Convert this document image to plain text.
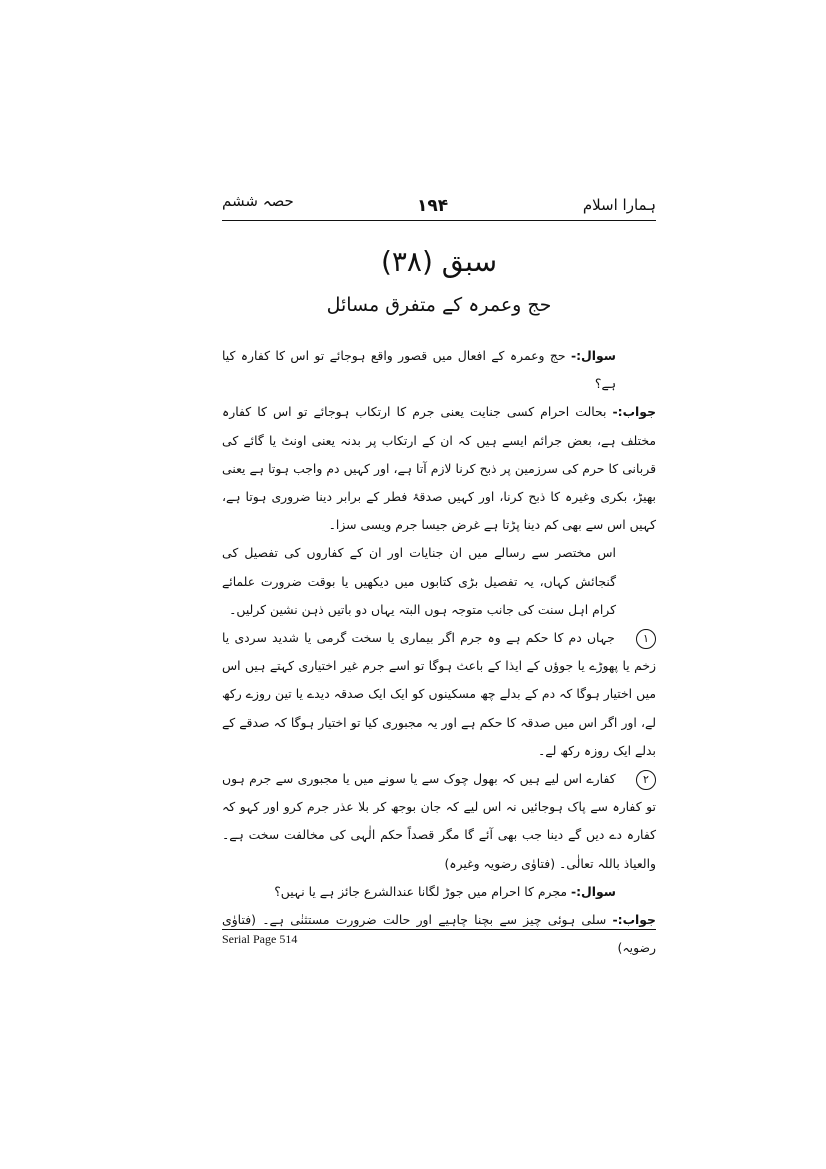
ہمارا اسلام
۱۹۴
حصہ ششم
سبق (۳۸)
حج وعمرہ کے متفرق مسائل

سوال:- حج وعمرہ کے افعال میں قصور واقع ہوجائے تو اس کا کفارہ کیا ہے؟

جواب:- بحالت احرام کسی جنایت یعنی جرم کا ارتکاب ہوجائے تو اس کا کفارہ مختلف ہے، بعض جرائم ایسے ہیں کہ ان کے ارتکاب پر بدنہ یعنی اونٹ یا گائے کی قربانی کا حرم کی سرزمین پر ذبح کرنا لازم آتا ہے، اور کہیں دم واجب ہوتا ہے یعنی بھیڑ، بکری وغیرہ کا ذبح کرنا، اور کہیں صدقۂ فطر کے برابر دینا ضروری ہوتا ہے، کہیں اس سے بھی کم دینا پڑتا ہے غرض جیسا جرم ویسی سزا۔

اس مختصر سے رسالے میں ان جنایات اور ان کے کفاروں کی تفصیل کی گنجائش کہاں، یہ تفصیل بڑی کتابوں میں دیکھیں یا بوقت ضرورت علمائے کرام اہل سنت کی جانب متوجہ ہوں البتہ یہاں دو باتیں ذہن نشین کرلیں۔

۱ جہاں دم کا حکم ہے وہ جرم اگر بیماری یا سخت گرمی یا شدید سردی یا زخم یا پھوڑے یا جوؤں کے ایذا کے باعث ہوگا تو اسے جرم غیر اختیاری کہتے ہیں اس میں اختیار ہوگا کہ دم کے بدلے چھ مسکینوں کو ایک ایک صدقہ دیدے یا تین روزے رکھ لے، اور اگر اس میں صدقہ کا حکم ہے اور یہ مجبوری کیا تو اختیار ہوگا کہ صدقے کے بدلے ایک روزہ رکھ لے۔

۲ کفارے اس لیے ہیں کہ بھول چوک سے یا سونے میں یا مجبوری سے جرم ہوں تو کفارہ سے پاک ہوجائیں نہ اس لیے کہ جان بوجھ کر بلا عذر جرم کرو اور کہو کہ کفارہ دے دیں گے دینا جب بھی آئے گا مگر قصداً حکم الٰہی کی مخالفت سخت ہے۔ والعیاذ باللہ تعالٰی۔ (فتاوٰی رضویہ وغیرہ)

سوال:- مجرم کا احرام میں جوڑ لگانا عندالشرع جائز ہے یا نہیں؟

جواب:- سلی ہوئی چیز سے بچنا چاہیے اور حالت ضرورت مستثنٰی ہے۔ (فتاوٰی رضویہ)

Serial Page 514
